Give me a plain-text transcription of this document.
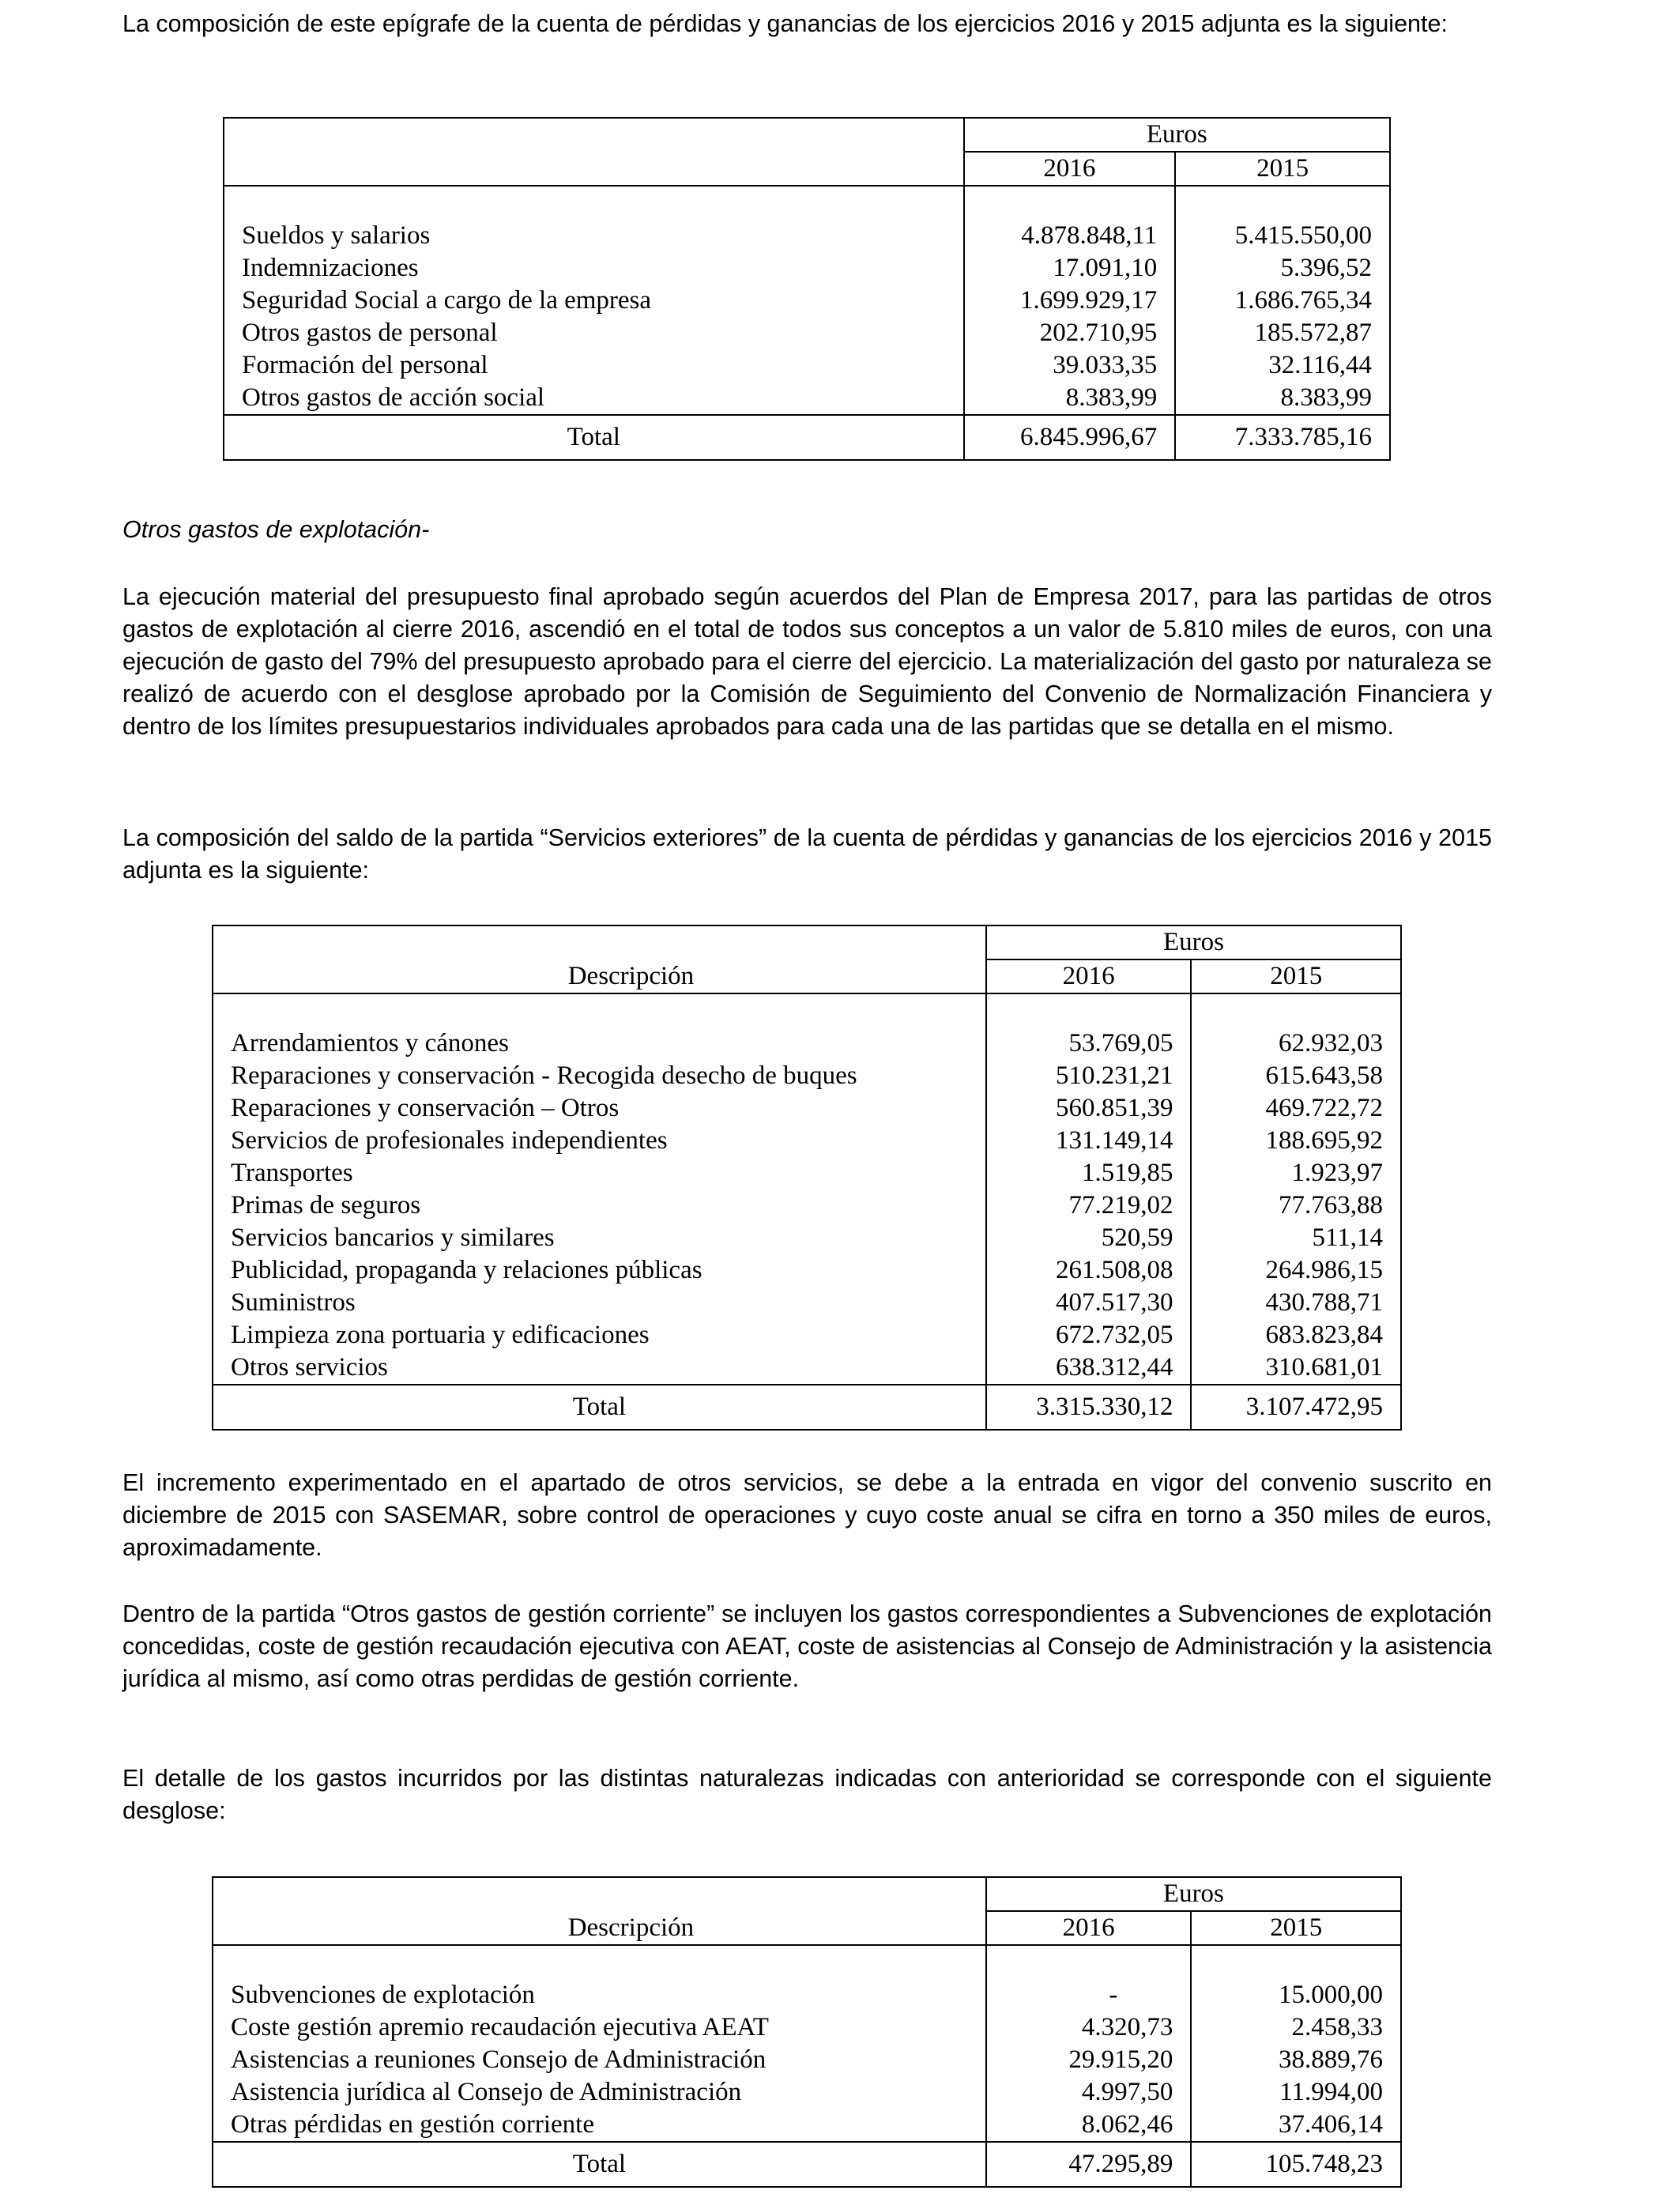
La composición de este epígrafe de la cuenta de pérdidas y ganancias de los ejercicios 2016 y 2015 adjunta es la siguiente:

	Euros	
	2016	2015

Sueldos y salarios	4.878.848,11	5.415.550,00
Indemnizaciones	17.091,10	5.396,52
Seguridad Social a cargo de la empresa	1.699.929,17	1.686.765,34
Otros gastos de personal	202.710,95	185.572,87
Formación del personal	39.033,35	32.116,44
Otros gastos de acción social	8.383,99	8.383,99
Total	6.845.996,67	7.333.785,16

Otros gastos de explotación-

La ejecución material del presupuesto final aprobado según acuerdos del Plan de Empresa 2017, para las partidas de otros gastos de explotación al cierre 2016, ascendió en el total de todos sus conceptos a un valor de 5.810 miles de euros, con una ejecución de gasto del 79% del presupuesto aprobado para el cierre del ejercicio. La materialización del gasto por naturaleza se realizó de acuerdo con el desglose aprobado por la Comisión de Seguimiento del Convenio de Normalización Financiera y dentro de los límites presupuestarios individuales aprobados para cada una de las partidas que se detalla en el mismo.

La composición del saldo de la partida “Servicios exteriores” de la cuenta de pérdidas y ganancias de los ejercicios 2016 y 2015 adjunta es la siguiente:

	Euros	
Descripción	2016	2015

Arrendamientos y cánones	53.769,05	62.932,03
Reparaciones y conservación - Recogida desecho de buques	510.231,21	615.643,58
Reparaciones y conservación – Otros	560.851,39	469.722,72
Servicios de profesionales independientes	131.149,14	188.695,92
Transportes	1.519,85	1.923,97
Primas de seguros	77.219,02	77.763,88
Servicios bancarios y similares	520,59	511,14
Publicidad, propaganda y relaciones públicas	261.508,08	264.986,15
Suministros	407.517,30	430.788,71
Limpieza zona portuaria y edificaciones	672.732,05	683.823,84
Otros servicios	638.312,44	310.681,01
Total	3.315.330,12	3.107.472,95

El incremento experimentado en el apartado de otros servicios, se debe a la entrada en vigor del convenio suscrito en diciembre de 2015 con SASEMAR, sobre control de operaciones y cuyo coste anual se cifra en torno a 350 miles de euros, aproximadamente.

Dentro de la partida “Otros gastos de gestión corriente” se incluyen los gastos correspondientes a Subvenciones de explotación concedidas, coste de gestión recaudación ejecutiva con AEAT, coste de asistencias al Consejo de Administración y la asistencia jurídica al mismo, así como otras perdidas de gestión corriente.

El detalle de los gastos incurridos por las distintas naturalezas indicadas con anterioridad se corresponde con el siguiente desglose:

	Euros	
Descripción	2016	2015

Subvenciones de explotación	-	15.000,00
Coste gestión apremio recaudación ejecutiva AEAT	4.320,73	2.458,33
Asistencias a reuniones Consejo de Administración	29.915,20	38.889,76
Asistencia jurídica al Consejo de Administración	4.997,50	11.994,00
Otras pérdidas en gestión corriente	8.062,46	37.406,14
Total	47.295,89	105.748,23
